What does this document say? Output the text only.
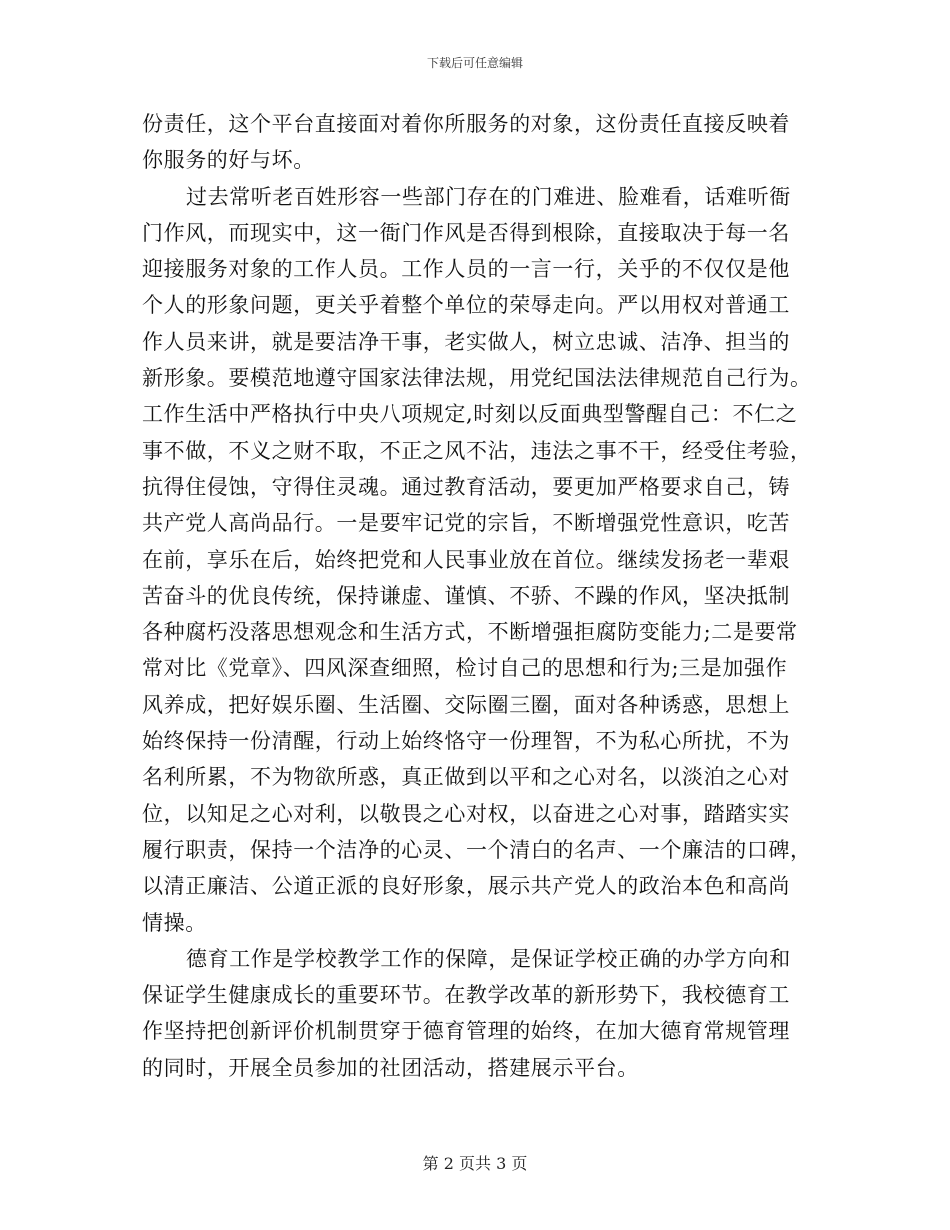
下载后可任意编辑
份责任，这个平台直接面对着你所服务的对象，这份责任直接反映着
你服务的好与坏。
过去常听老百姓形容一些部门存在的门难进、脸难看，话难听衙
门作风，而现实中，这一衙门作风是否得到根除，直接取决于每一名
迎接服务对象的工作人员。工作人员的一言一行，关乎的不仅仅是他
个人的形象问题，更关乎着整个单位的荣辱走向。严以用权对普通工
作人员来讲，就是要洁净干事，老实做人，树立忠诚、洁净、担当的
新形象。要模范地遵守国家法律法规，用党纪国法法律规范自己行为。
工作生活中严格执行中央八项规定,时刻以反面典型警醒自己：不仁之
事不做，不义之财不取，不正之风不沾，违法之事不干，经受住考验，
抗得住侵蚀，守得住灵魂。通过教育活动，要更加严格要求自己，铸
共产党人高尚品行。一是要牢记党的宗旨，不断增强党性意识，吃苦
在前，享乐在后，始终把党和人民事业放在首位。继续发扬老一辈艰
苦奋斗的优良传统，保持谦虚、谨慎、不骄、不躁的作风，坚决抵制
各种腐朽没落思想观念和生活方式，不断增强拒腐防变能力;二是要常
常对比《党章》、四风深查细照，检讨自己的思想和行为;三是加强作
风养成，把好娱乐圈、生活圈、交际圈三圈，面对各种诱惑，思想上
始终保持一份清醒，行动上始终恪守一份理智，不为私心所扰，不为
名利所累，不为物欲所惑，真正做到以平和之心对名，以淡泊之心对
位，以知足之心对利，以敬畏之心对权，以奋进之心对事，踏踏实实
履行职责，保持一个洁净的心灵、一个清白的名声、一个廉洁的口碑，
以清正廉洁、公道正派的良好形象，展示共产党人的政治本色和高尚
情操。
德育工作是学校教学工作的保障，是保证学校正确的办学方向和
保证学生健康成长的重要环节。在教学改革的新形势下，我校德育工
作坚持把创新评价机制贯穿于德育管理的始终，在加大德育常规管理
的同时，开展全员参加的社团活动，搭建展示平台。
第 2 页共 3 页
